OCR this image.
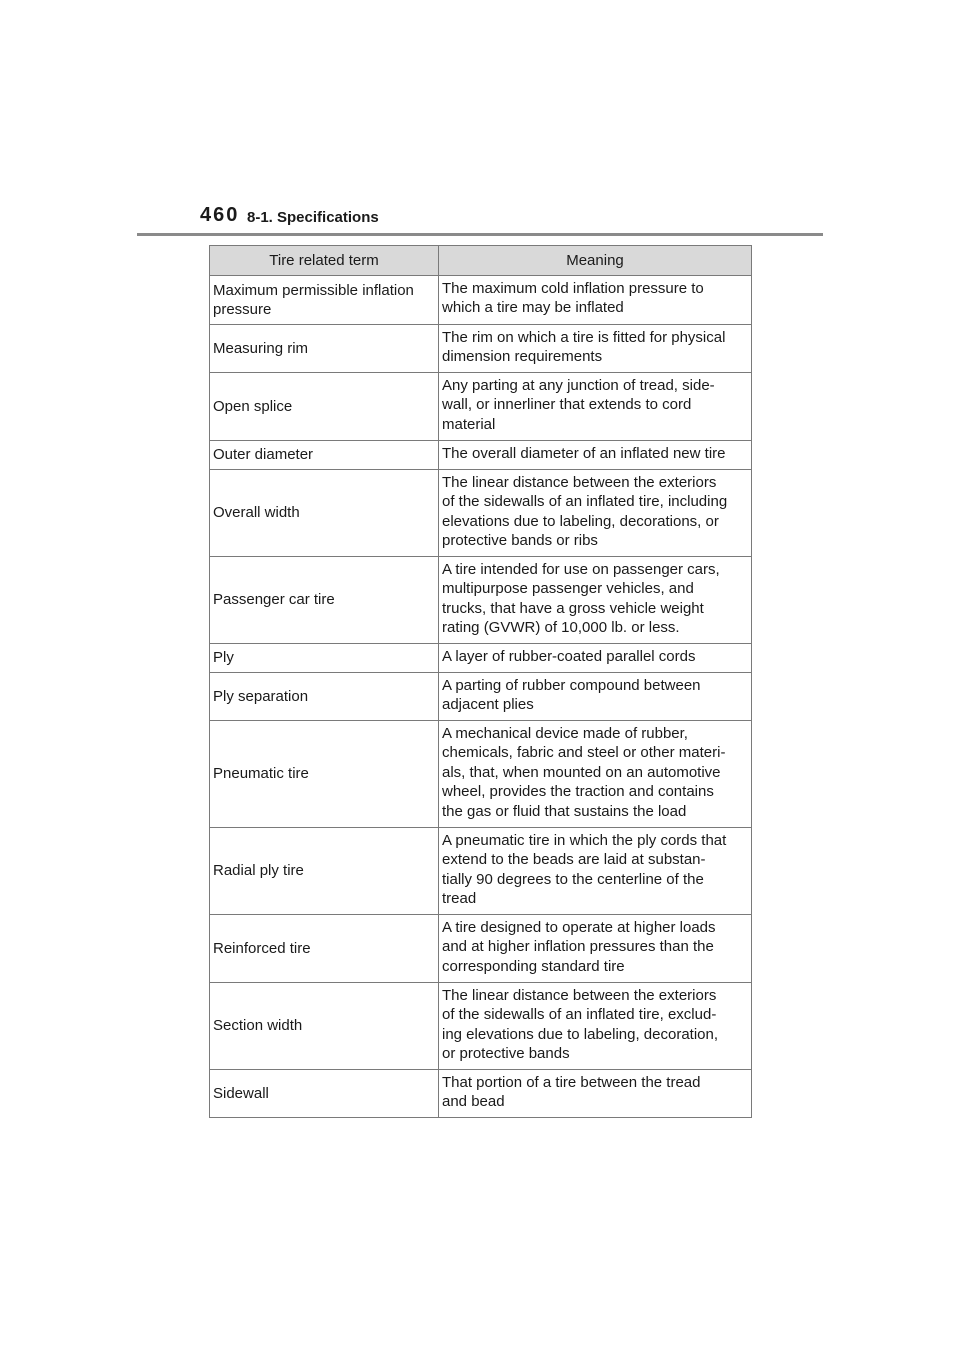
460 8-1. Specifications
Tire related term	Meaning
Maximum permissible inflation
pressure	The maximum cold inflation pressure to
which a tire may be inflated
Measuring rim	The rim on which a tire is fitted for physical
dimension requirements
Open splice	Any parting at any junction of tread, side-
wall, or innerliner that extends to cord
material
Outer diameter	The overall diameter of an inflated new tire
Overall width	The linear distance between the exteriors
of the sidewalls of an inflated tire, including
elevations due to labeling, decorations, or
protective bands or ribs
Passenger car tire	A tire intended for use on passenger cars,
multipurpose passenger vehicles, and
trucks, that have a gross vehicle weight
rating (GVWR) of 10,000 lb. or less.
Ply	A layer of rubber-coated parallel cords
Ply separation	A parting of rubber compound between
adjacent plies
Pneumatic tire	A mechanical device made of rubber,
chemicals, fabric and steel or other materi-
als, that, when mounted on an automotive
wheel, provides the traction and contains
the gas or fluid that sustains the load
Radial ply tire	A pneumatic tire in which the ply cords that
extend to the beads are laid at substan-
tially 90 degrees to the centerline of the
tread
Reinforced tire	A tire designed to operate at higher loads
and at higher inflation pressures than the
corresponding standard tire
Section width	The linear distance between the exteriors
of the sidewalls of an inflated tire, exclud-
ing elevations due to labeling, decoration,
or protective bands
Sidewall	That portion of a tire between the tread
and bead
